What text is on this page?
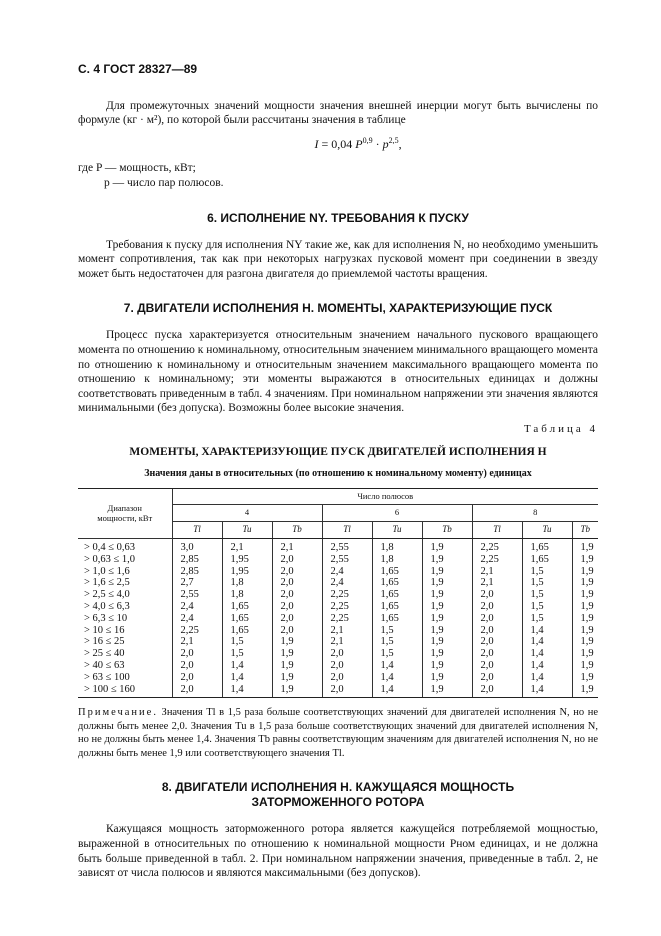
С. 4 ГОСТ 28327—89

Для промежуточных значений мощности значения внешней инерции могут быть вычислены по формуле (кг · м²), по которой были рассчитаны значения в таблице

I = 0,04 $P^{0,9} \cdot p^{2,5}$,

где P — мощность, кВт;

p — число пар полюсов.

6. ИСПОЛНЕНИЕ NY. ТРЕБОВАНИЯ К ПУСКУ

Требования к пуску для исполнения NY такие же, как для исполнения N, но необходимо уменьшить момент сопротивления, так как при некоторых нагрузках пусковой момент при соединении в звезду может быть недостаточен для разгона двигателя до приемлемой частоты вращения.

7. ДВИГАТЕЛИ ИСПОЛНЕНИЯ Н. МОМЕНТЫ, ХАРАКТЕРИЗУЮЩИЕ ПУСК

Процесс пуска характеризуется относительным значением начального пускового вращающего момента по отношению к номинальному, относительным значением минимального вращающего момента по отношению к номинальному и относительным значением максимального вращающего момента по отношению к номинальному; эти моменты выражаются в относительных единицах и должны соответствовать приведенным в табл. 4 значениям. При номинальном напряжении эти значения являются минимальными (без допуска). Возможны более высокие значения.

Таблица 4
МОМЕНТЫ, ХАРАКТЕРИЗУЮЩИЕ ПУСК ДВИГАТЕЛЕЙ ИСПОЛНЕНИЯ Н
Значения даны в относительных (по отношению к номинальному моменту) единицах
Диапазон
мощности, кВт	Число полюсов								
	4			6			8		
	Tl	Tu	Tb	Tl	Tu	Tb	Tl	Tu	Tb
> 0,4 ≤ 0,63	3,0	2,1	2,1	2,55	1,8	1,9	2,25	1,65	1,9
> 0,63 ≤ 1,0	2,85	1,95	2,0	2,55	1,8	1,9	2,25	1,65	1,9
> 1,0 ≤ 1,6	2,85	1,95	2,0	2,4	1,65	1,9	2,1	1,5	1,9
> 1,6 ≤ 2,5	2,7	1,8	2,0	2,4	1,65	1,9	2,1	1,5	1,9
> 2,5 ≤ 4,0	2,55	1,8	2,0	2,25	1,65	1,9	2,0	1,5	1,9
> 4,0 ≤ 6,3	2,4	1,65	2,0	2,25	1,65	1,9	2,0	1,5	1,9
> 6,3 ≤ 10	2,4	1,65	2,0	2,25	1,65	1,9	2,0	1,5	1,9
> 10 ≤ 16	2,25	1,65	2,0	2,1	1,5	1,9	2,0	1,4	1,9
> 16 ≤ 25	2,1	1,5	1,9	2,1	1,5	1,9	2,0	1,4	1,9
> 25 ≤ 40	2,0	1,5	1,9	2,0	1,5	1,9	2,0	1,4	1,9
> 40 ≤ 63	2,0	1,4	1,9	2,0	1,4	1,9	2,0	1,4	1,9
> 63 ≤ 100	2,0	1,4	1,9	2,0	1,4	1,9	2,0	1,4	1,9
> 100 ≤ 160	2,0	1,4	1,9	2,0	1,4	1,9	2,0	1,4	1,9

Примечание. Значения Tl в 1,5 раза больше соответствующих значений для двигателей исполнения N, но не должны быть менее 2,0. Значения Tu в 1,5 раза больше соответствующих значений для двигателей исполнения N, но не должны быть менее 1,4. Значения Tb равны соответствующим значениям для двигателей исполнения N, но не должны быть менее 1,9 или соответствующего значения Tl.

8. ДВИГАТЕЛИ ИСПОЛНЕНИЯ Н. КАЖУЩАЯСЯ МОЩНОСТЬ
ЗАТОРМОЖЕННОГО РОТОРА

Кажущаяся мощность заторможенного ротора является кажущейся потребляемой мощностью, выраженной в относительных по отношению к номинальной мощности Pном единицах, и не должна быть больше приведенной в табл. 2. При номинальном напряжении значения, приведенные в табл. 2, не зависят от числа полюсов и являются максимальными (без допусков).
